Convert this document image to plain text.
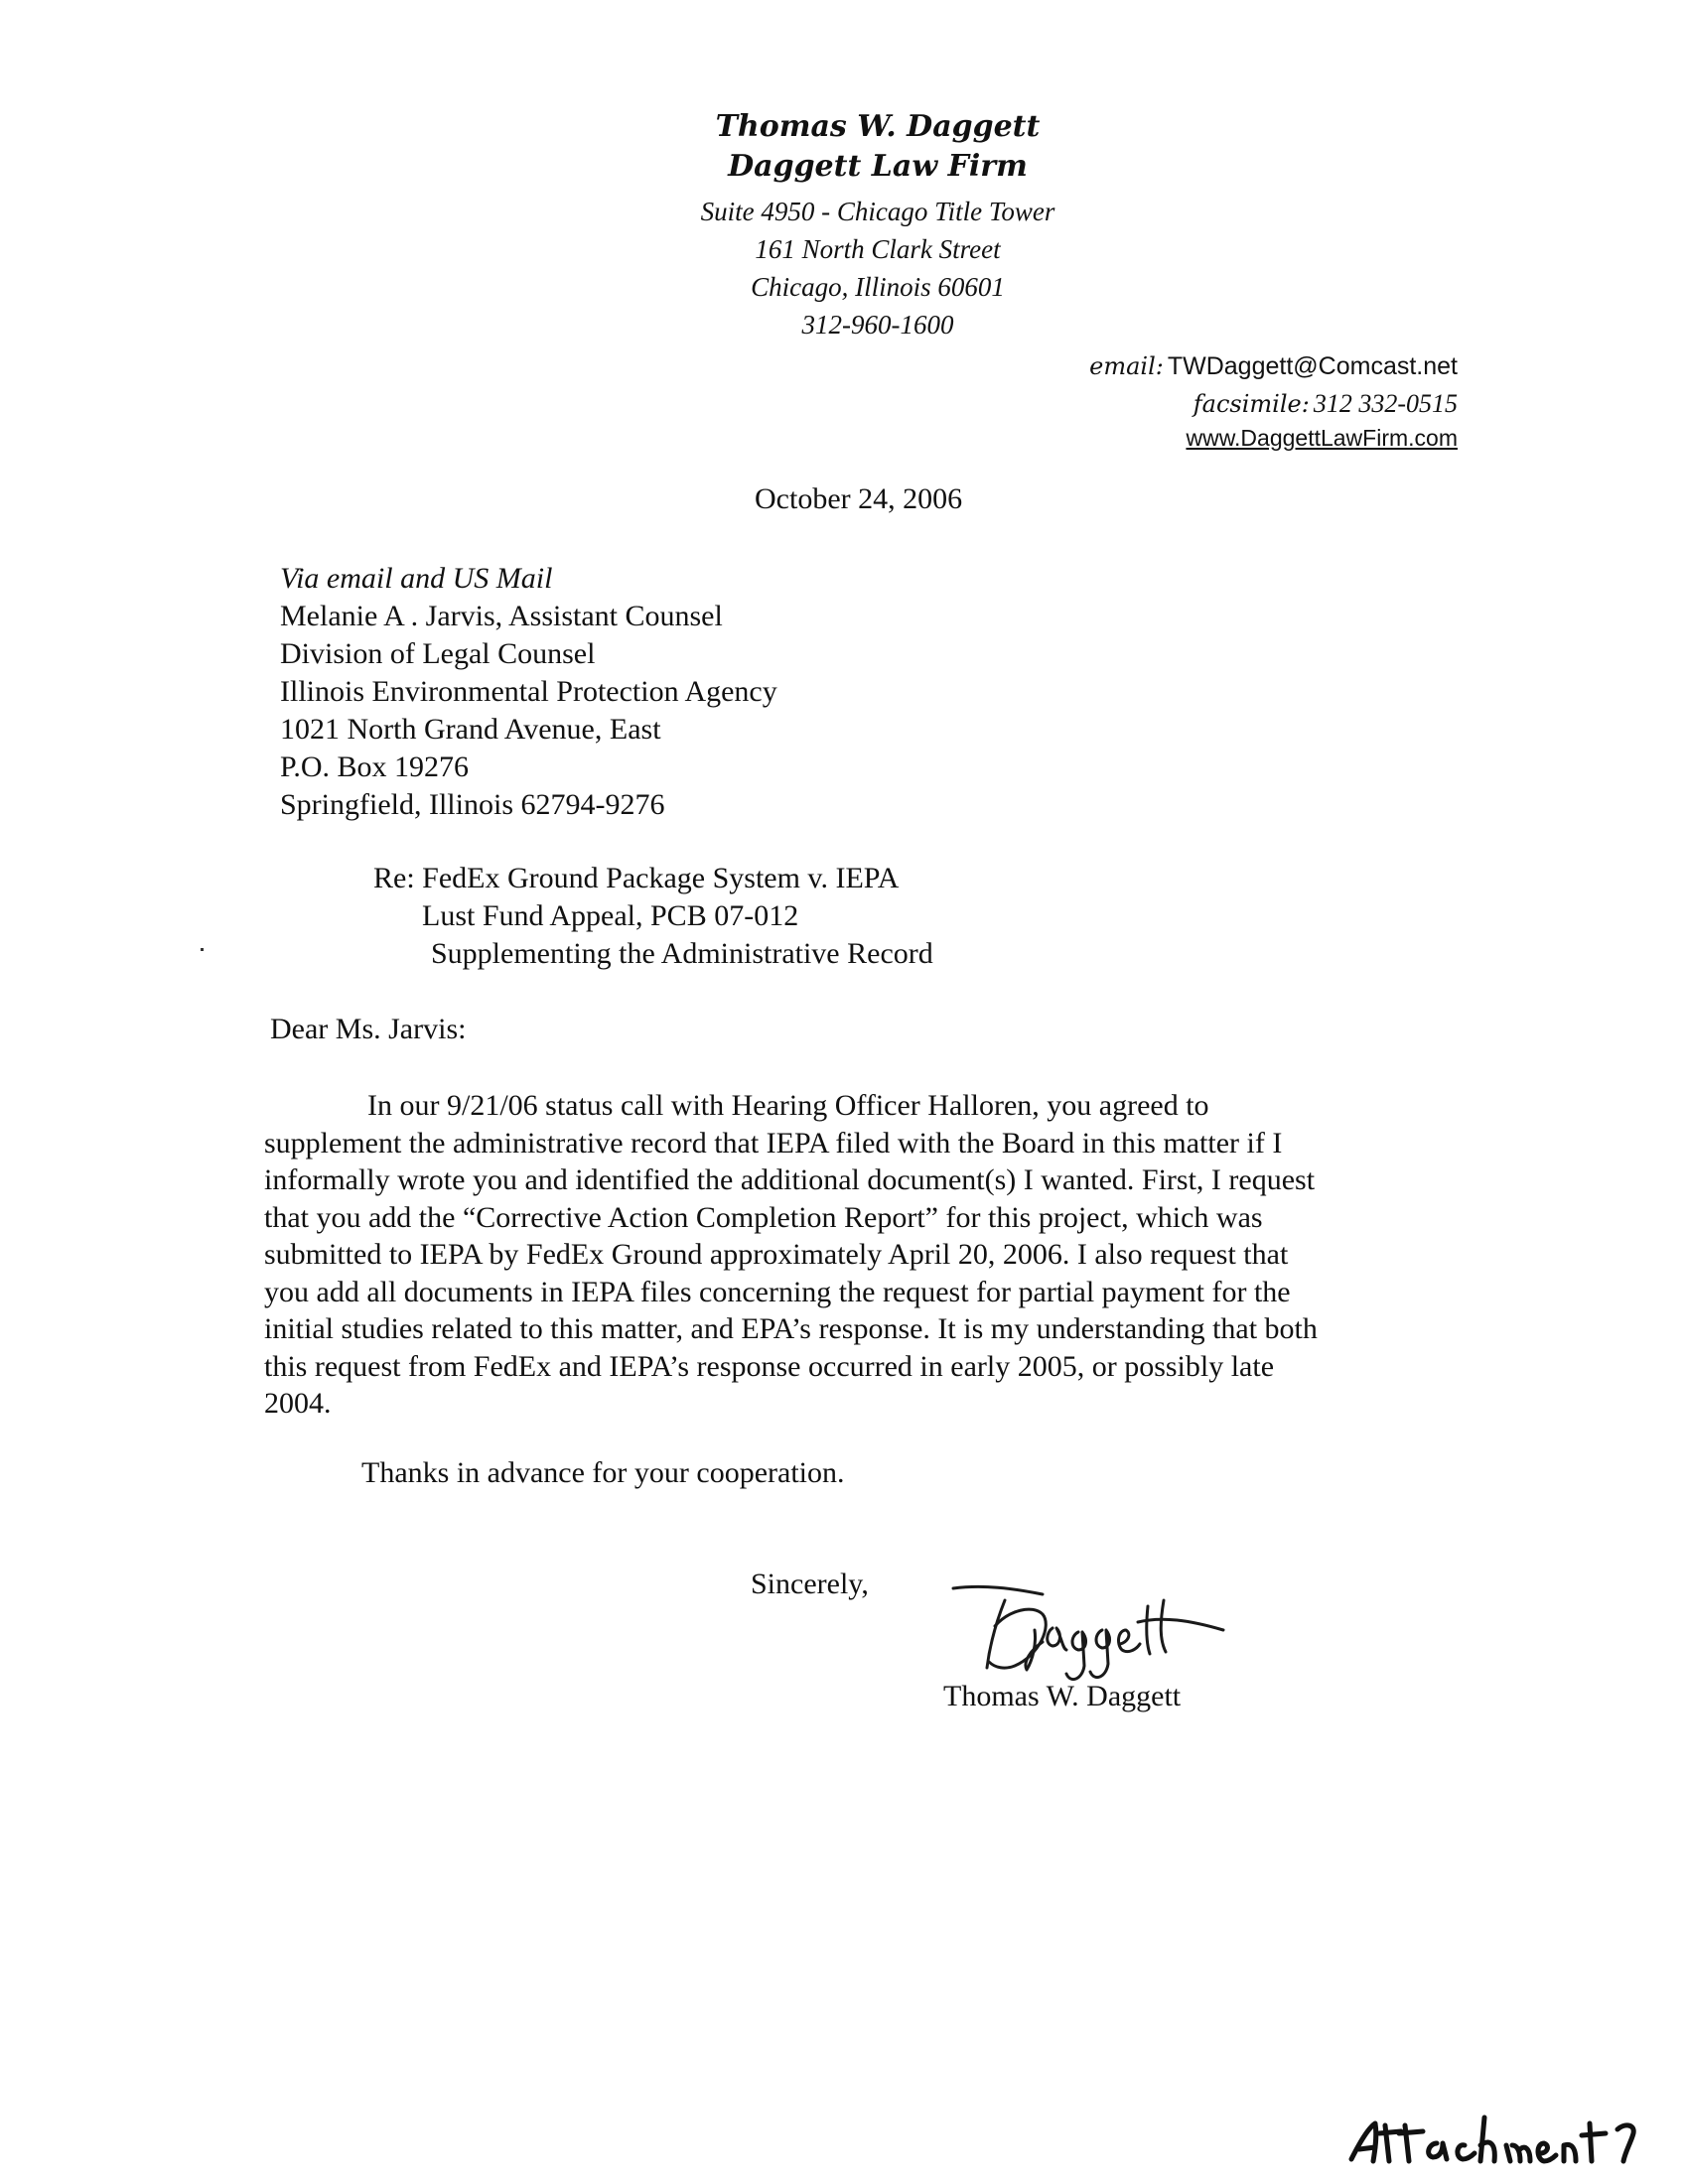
Thomas W. Daggett
Daggett Law Firm
Suite 4950 - Chicago Title Tower
161 North Clark Street
Chicago, Illinois 60601
312-960-1600
email: TWDaggett@Comcast.net
facsimile: 312 332-0515
www.DaggettLawFirm.com
October 24, 2006
Via email and US Mail
Melanie A . Jarvis, Assistant Counsel
Division of Legal Counsel
Illinois Environmental Protection Agency
1021 North Grand Avenue, East
P.O. Box 19276
Springfield, Illinois 62794-9276
Re: FedEx Ground Package System v. IEPA
Lust Fund Appeal, PCB 07-012
Supplementing the Administrative Record
Dear Ms. Jarvis:
In our 9/21/06 status call with Hearing Officer Halloren, you agreed to
supplement the administrative record that IEPA filed with the Board in this matter if I
informally wrote you and identified the additional document(s) I wanted. First, I request
that you add the “Corrective Action Completion Report” for this project, which was
submitted to IEPA by FedEx Ground approximately April 20, 2006. I also request that
you add all documents in IEPA files concerning the request for partial payment for the
initial studies related to this matter, and EPA’s response. It is my understanding that both
this request from FedEx and IEPA’s response occurred in early 2005, or possibly late
2004.
Thanks in advance for your cooperation.
Sincerely,
Thomas W. Daggett
